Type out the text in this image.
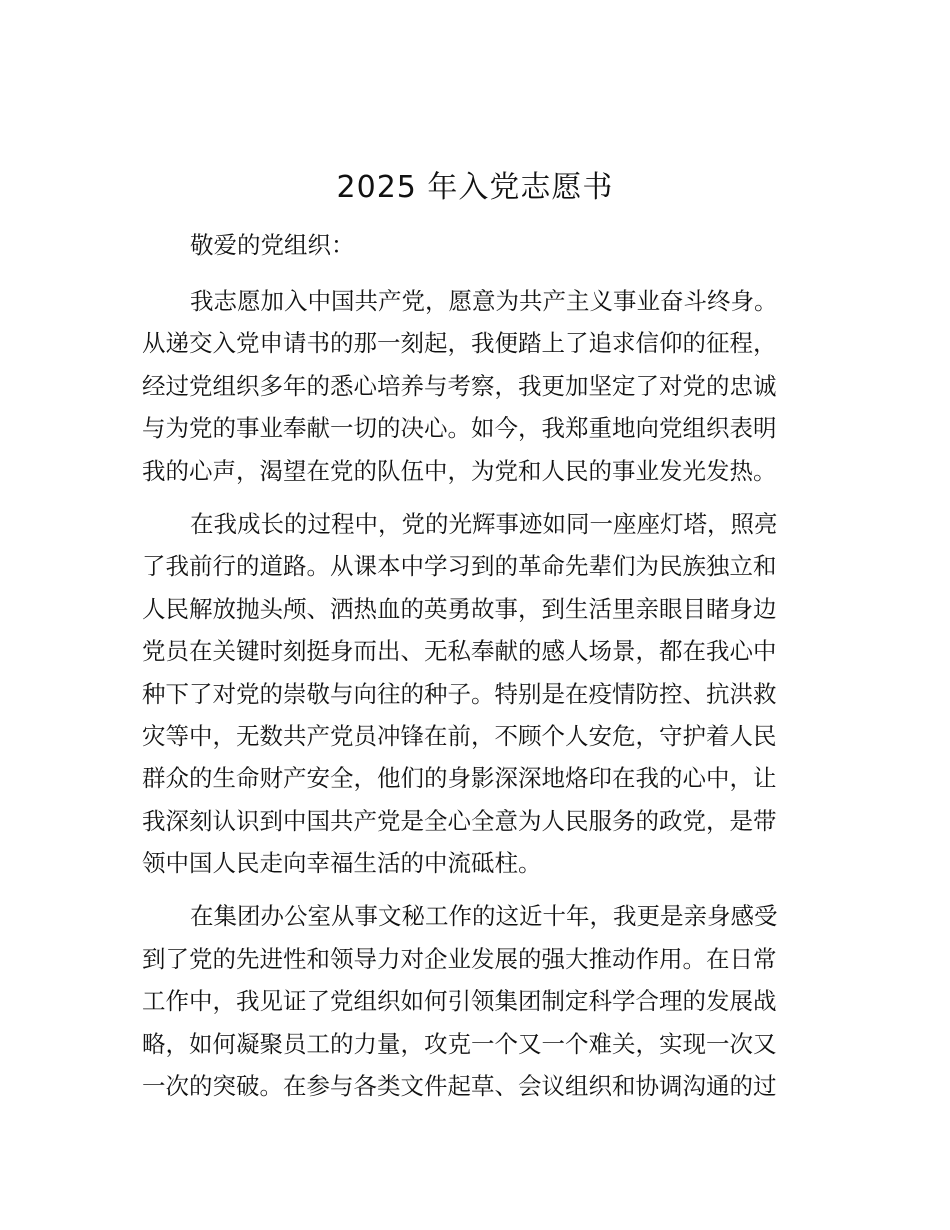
2025 年入党志愿书
敬爱的党组织：
我志愿加入中国共产党，愿意为共产主义事业奋斗终身。
从递交入党申请书的那一刻起，我便踏上了追求信仰的征程，
经过党组织多年的悉心培养与考察，我更加坚定了对党的忠诚
与为党的事业奉献一切的决心。如今，我郑重地向党组织表明
我的心声，渴望在党的队伍中，为党和人民的事业发光发热。
在我成长的过程中，党的光辉事迹如同一座座灯塔，照亮
了我前行的道路。从课本中学习到的革命先辈们为民族独立和
人民解放抛头颅、洒热血的英勇故事，到生活里亲眼目睹身边
党员在关键时刻挺身而出、无私奉献的感人场景，都在我心中
种下了对党的崇敬与向往的种子。特别是在疫情防控、抗洪救
灾等中，无数共产党员冲锋在前，不顾个人安危，守护着人民
群众的生命财产安全，他们的身影深深地烙印在我的心中，让
我深刻认识到中国共产党是全心全意为人民服务的政党，是带
领中国人民走向幸福生活的中流砥柱。
在集团办公室从事文秘工作的这近十年，我更是亲身感受
到了党的先进性和领导力对企业发展的强大推动作用。在日常
工作中，我见证了党组织如何引领集团制定科学合理的发展战
略，如何凝聚员工的力量，攻克一个又一个难关，实现一次又
一次的突破。在参与各类文件起草、会议组织和协调沟通的过
